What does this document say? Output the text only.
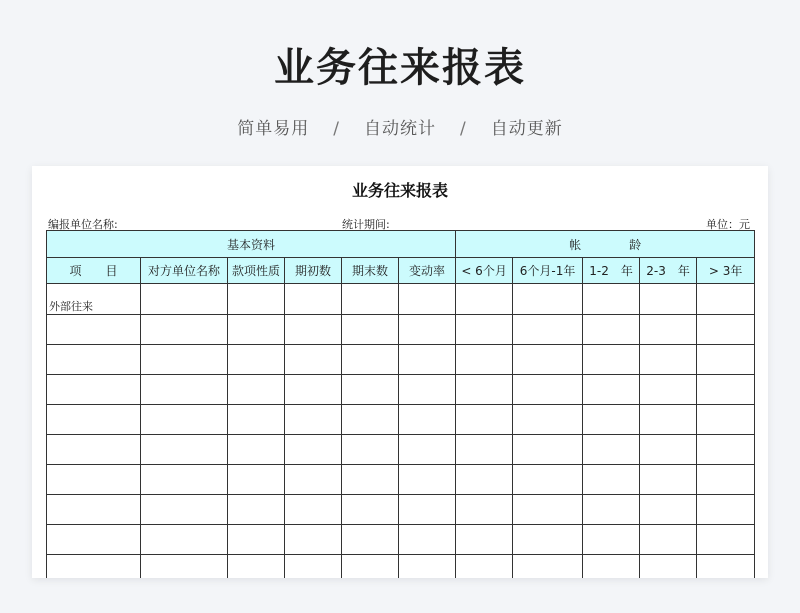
业务往来报表
简单易用 / 自动统计 / 自动更新
业务往来报表
编报单位名称:	统计期间:	单位：元
基本资料						帐　　　　龄				
项　　目	对方单位名称	款项性质	期初数	期末数	变动率	< 6个月	6个月-1年	1-2　年	2-3　年	> 3年
外部往来										
